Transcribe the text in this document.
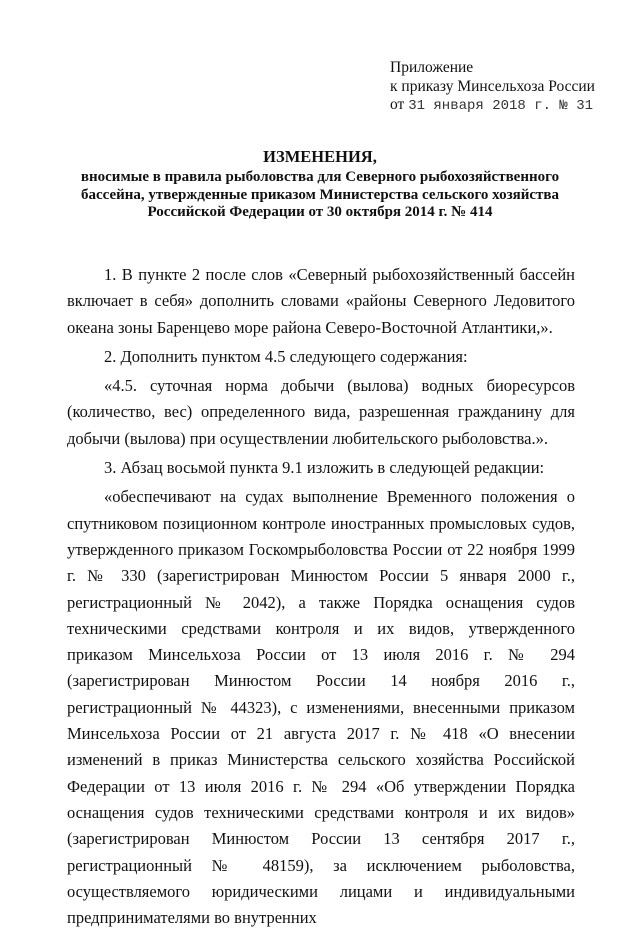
Приложение
к приказу Минсельхоза России
от 31 января 2018 г. № 31
ИЗМЕНЕНИЯ,
вносимые в правила рыболовства для Северного рыбохозяйственного бассейна, утвержденные приказом Министерства сельского хозяйства Российской Федерации от 30 октября 2014 г. № 414

1. В пункте 2 после слов «Северный рыбохозяйственный бассейн включает в себя» дополнить словами «районы Северного Ледовитого океана зоны Баренцево море района Северо-Восточной Атлантики,».

2. Дополнить пунктом 4.5 следующего содержания:

«4.5. суточная норма добычи (вылова) водных биоресурсов (количество, вес) определенного вида, разрешенная гражданину для добычи (вылова) при осуществлении любительского рыболовства.».

3. Абзац восьмой пункта 9.1 изложить в следующей редакции:

«обеспечивают на судах выполнение Временного положения о спутниковом позиционном контроле иностранных промысловых судов, утвержденного приказом Госкомрыболовства России от 22 ноября 1999 г. № 330 (зарегистрирован Минюстом России 5 января 2000 г., регистрационный № 2042), а также Порядка оснащения судов техническими средствами контроля и их видов, утвержденного приказом Минсельхоза России от 13 июля 2016 г. № 294 (зарегистрирован Минюстом России 14 ноября 2016 г., регистрационный № 44323), с изменениями, внесенными приказом Минсельхоза России от 21 августа 2017 г. № 418 «О внесении изменений в приказ Министерства сельского хозяйства Российской Федерации от 13 июля 2016 г. № 294 «Об утверждении Порядка оснащения судов техническими средствами контроля и их видов» (зарегистрирован Минюстом России 13 сентября 2017 г., регистрационный № 48159), за исключением рыболовства, осуществляемого юридическими лицами и индивидуальными предпринимателями во внутренних
